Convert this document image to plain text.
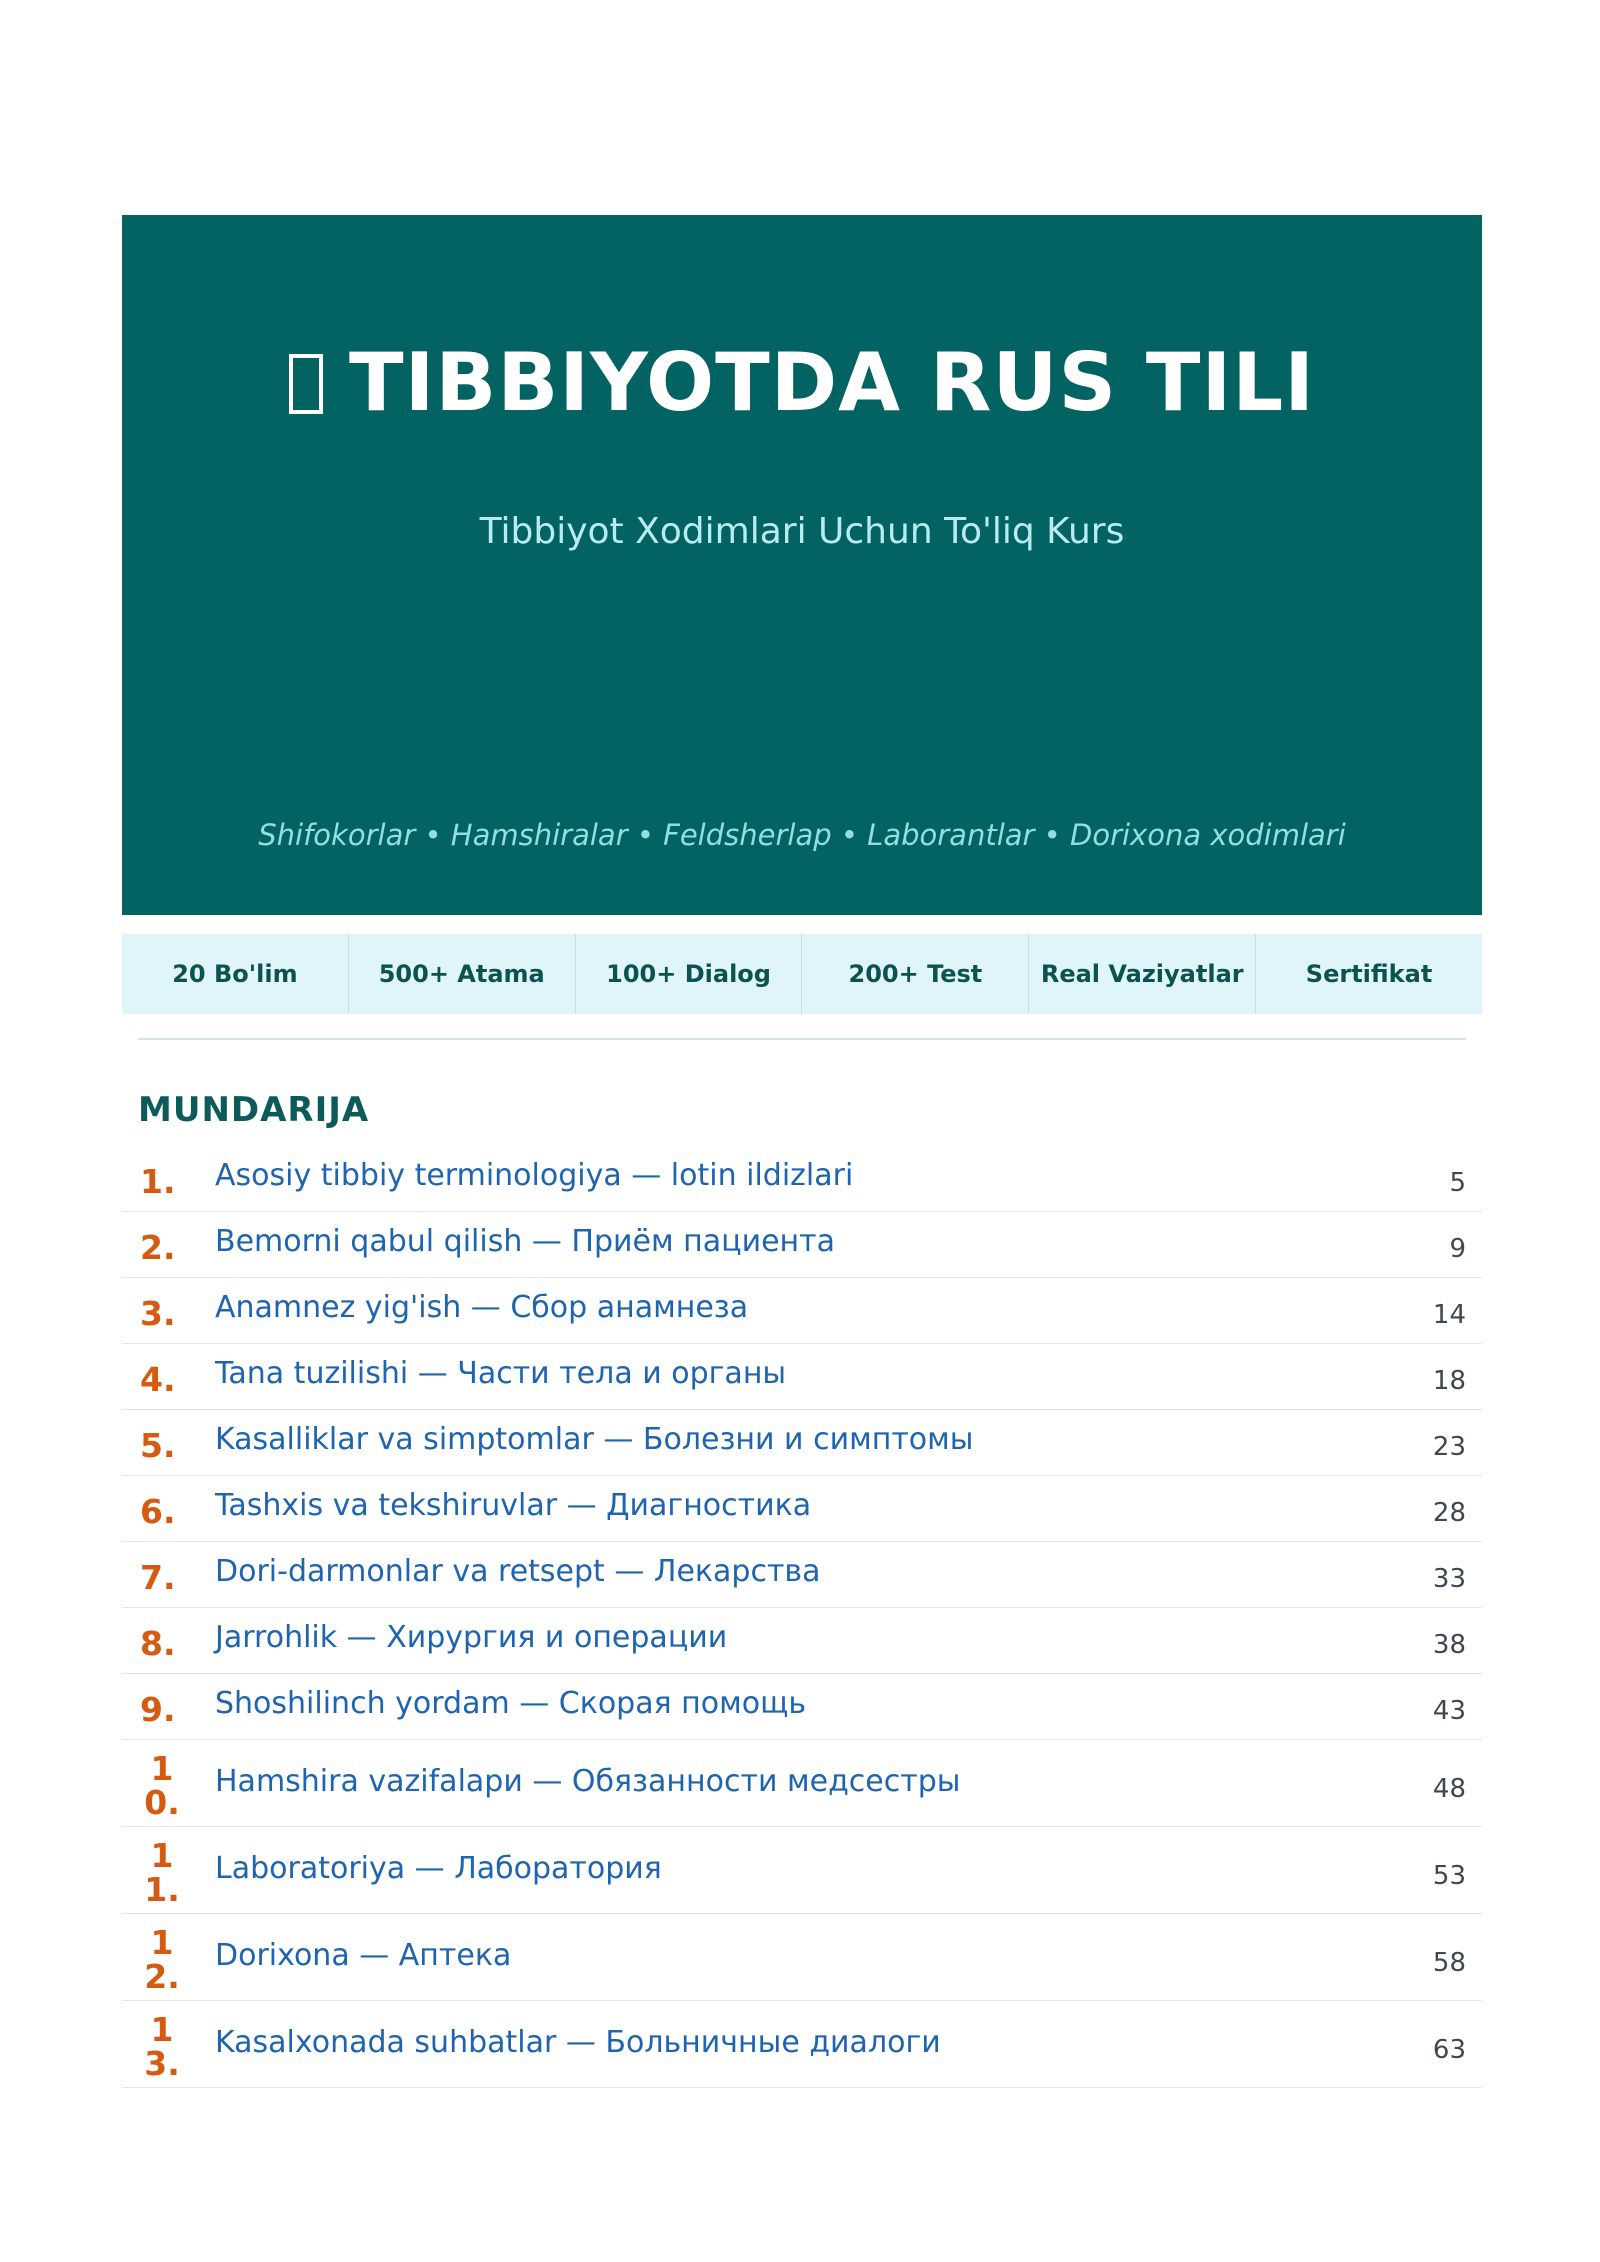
TIBBIYOTDA RUS TILI
Tibbiyot Xodimlari Uchun To'liq Kurs
Shifokorlar • Hamshiralar • Feldsherlap • Laborantlar • Dorixona xodimlari
20 Bo'lim	500+ Atama	100+ Dialog	200+ Test	Real Vaziyatlar	Sertifikat
MUNDARIJA
1. Asosiy tibbiy terminologiya — lotin ildizlari	5
2. Bemorni qabul qilish — Приём пациента	9
3. Anamnez yig'ish — Сбор анамнеза	14
4. Tana tuzilishi — Части тела и органы	18
5. Kasalliklar va simptomlar — Болезни и симптомы	23
6. Tashxis va tekshiruvlar — Диагностика	28
7. Dori-darmonlar va retsept — Лекарства	33
8. Jarrohlik — Хирургия и операции	38
9. Shoshilinch yordam — Скорая помощь	43
10.
Hamshira vazifalари — Обязанности медсестры	48
11.
Laboratoriya — Лаборатория	53
12.
Dorixona — Аптека	58
13.
Kasalxonada suhbatlar — Больничные диалоги	63
